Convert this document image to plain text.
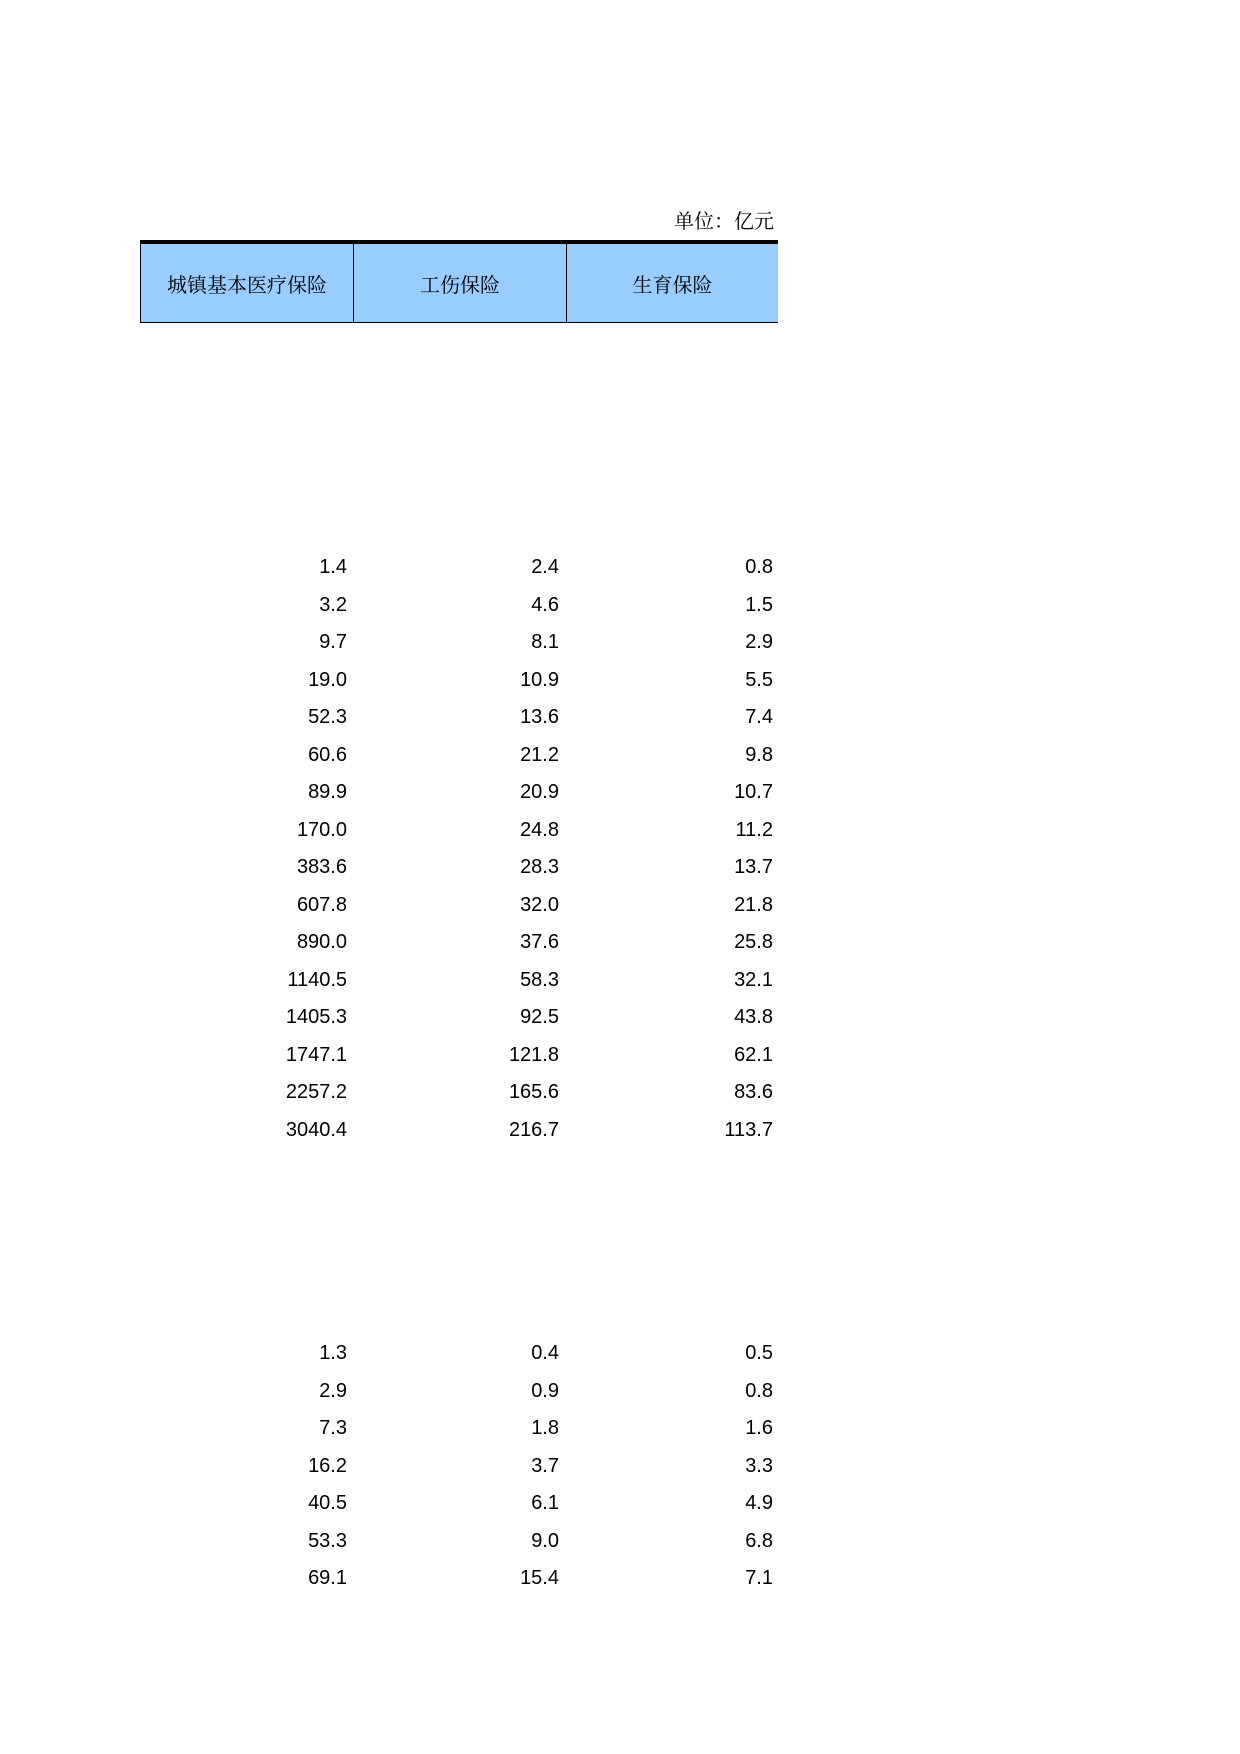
单位：亿元
城镇基本医疗保险	工伤保险	生育保险
1.4	2.4	0.8
3.2	4.6	1.5
9.7	8.1	2.9
19.0	10.9	5.5
52.3	13.6	7.4
60.6	21.2	9.8
89.9	20.9	10.7
170.0	24.8	11.2
383.6	28.3	13.7
607.8	32.0	21.8
890.0	37.6	25.8
1140.5	58.3	32.1
1405.3	92.5	43.8
1747.1	121.8	62.1
2257.2	165.6	83.6
3040.4	216.7	113.7
1.3	0.4	0.5
2.9	0.9	0.8
7.3	1.8	1.6
16.2	3.7	3.3
40.5	6.1	4.9
53.3	9.0	6.8
69.1	15.4	7.1
